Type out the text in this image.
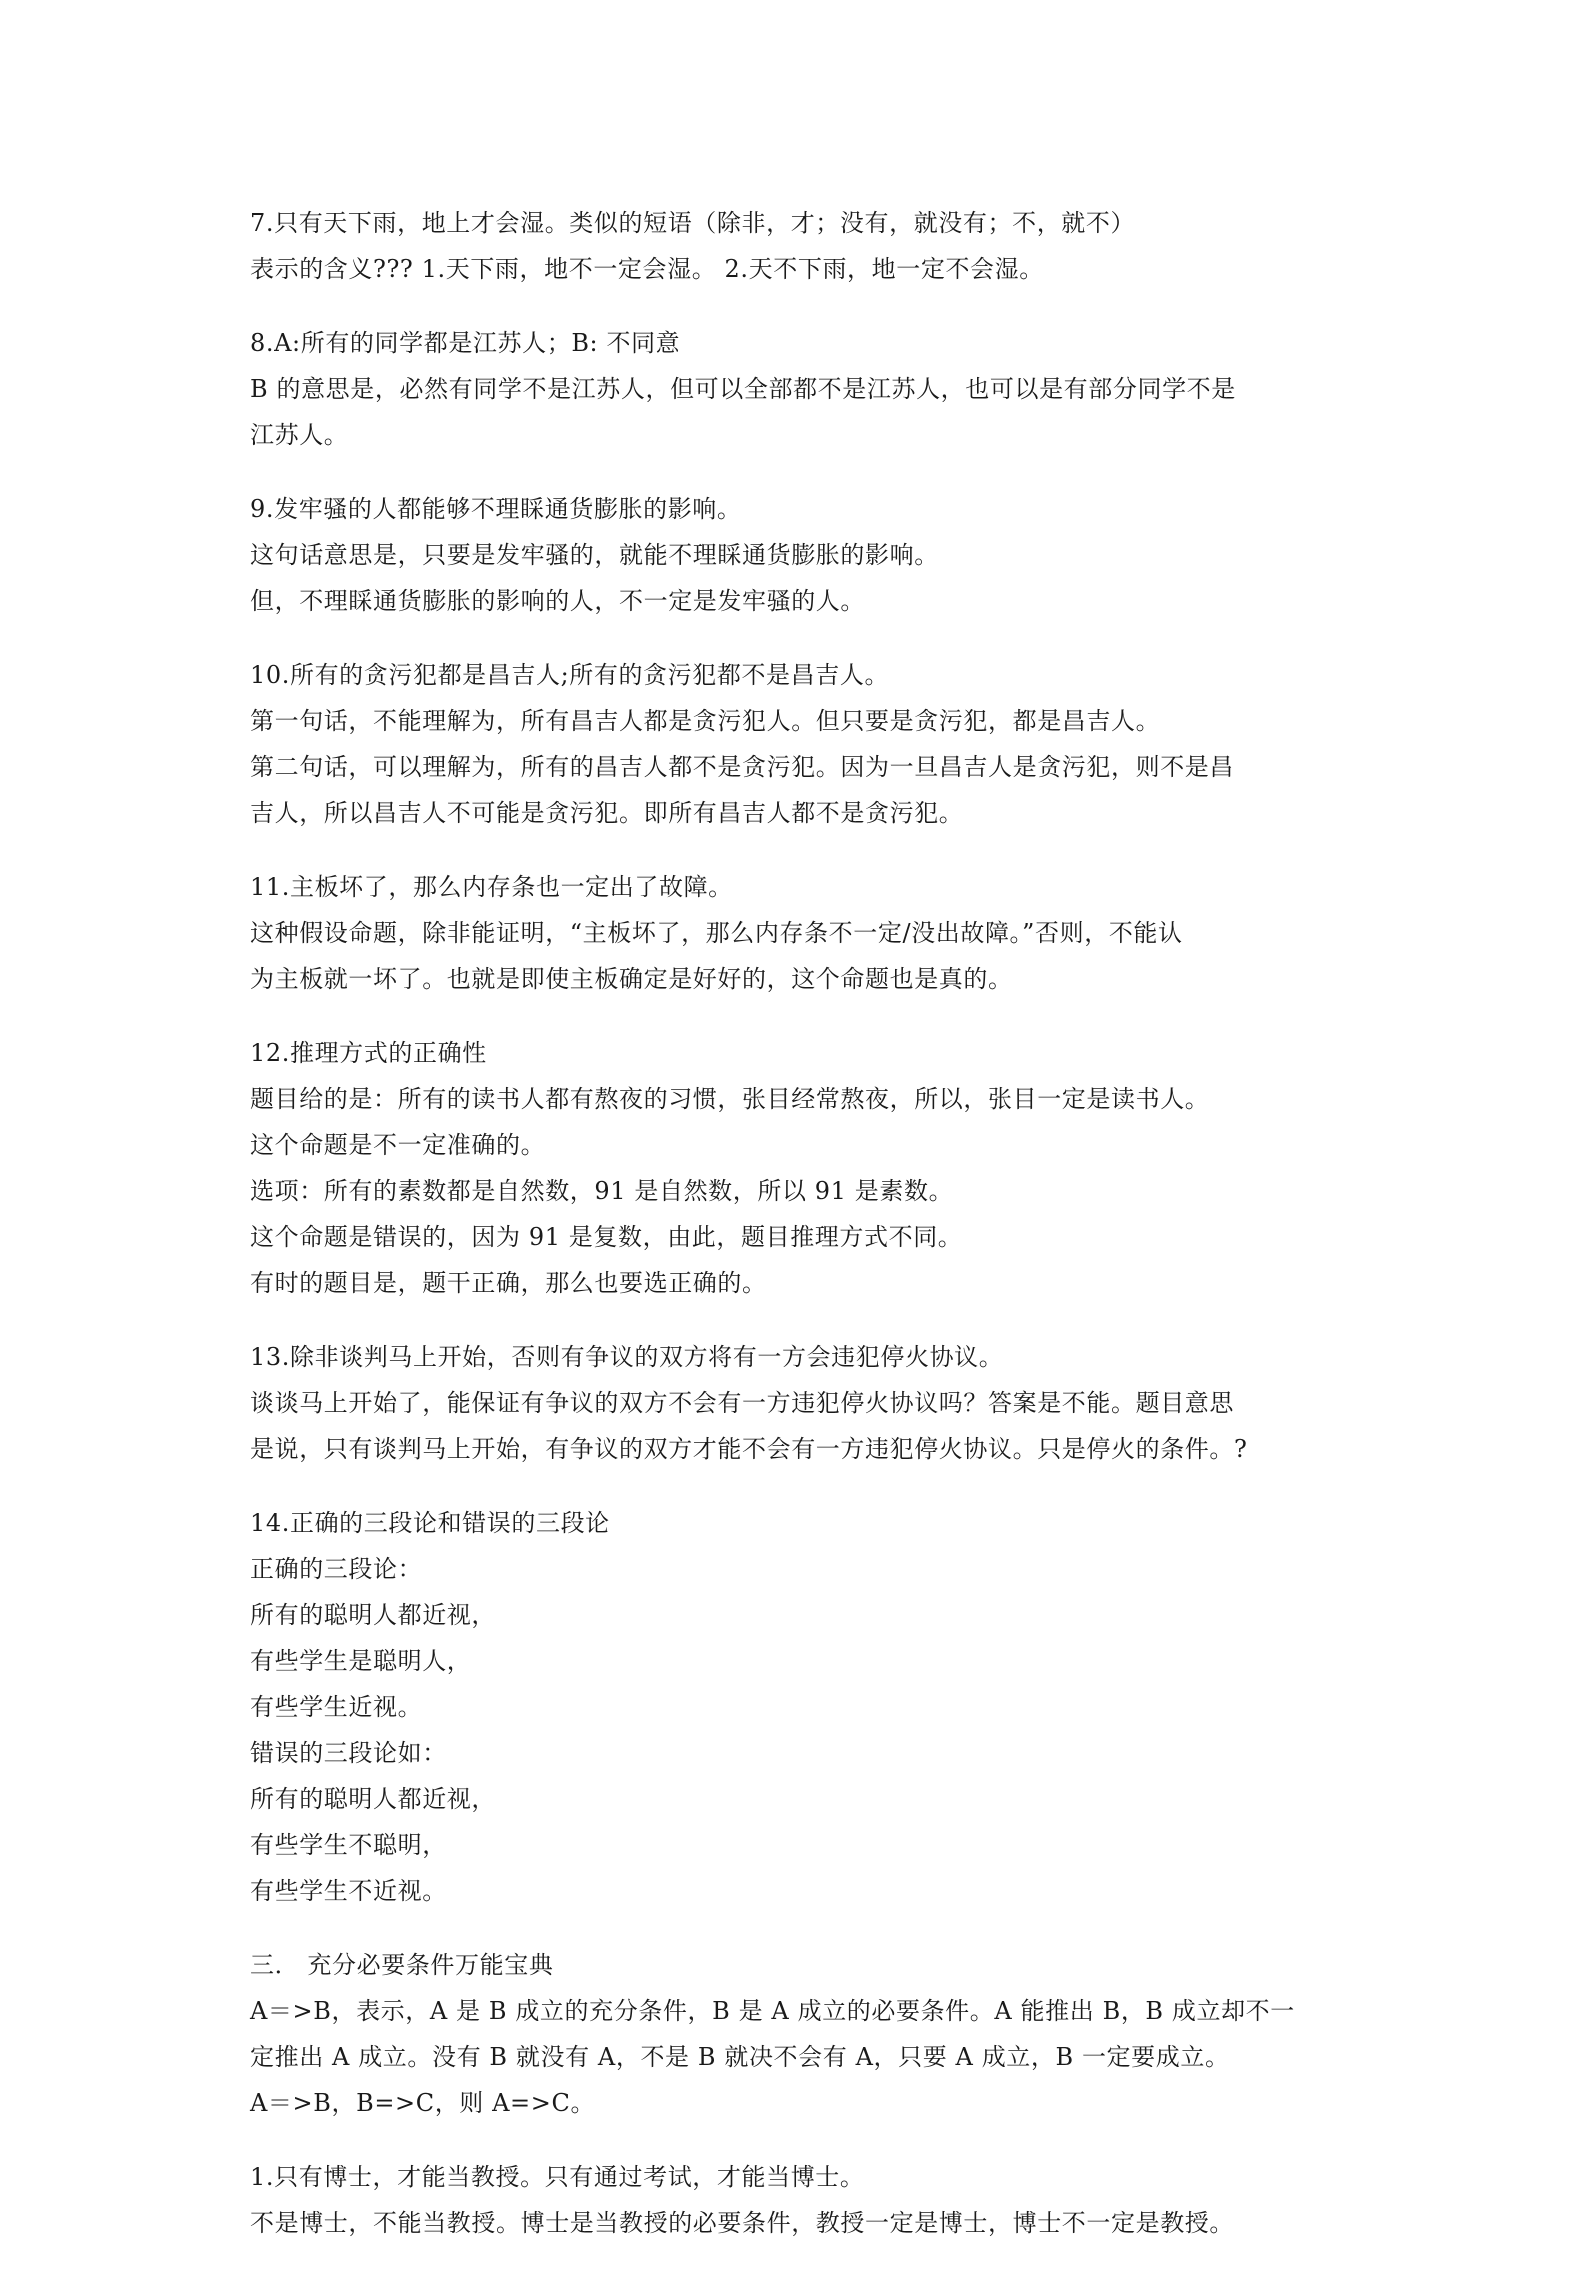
7.只有天下雨，地上才会湿。类似的短语（除非，才；没有，就没有；不，就不）
表示的含义??? 1.天下雨，地不一定会湿。 2.天不下雨，地一定不会湿。
8.A:所有的同学都是江苏人；B: 不同意
B 的意思是，必然有同学不是江苏人，但可以全部都不是江苏人，也可以是有部分同学不是
江苏人。
9.发牢骚的人都能够不理睬通货膨胀的影响。
这句话意思是，只要是发牢骚的，就能不理睬通货膨胀的影响。
但，不理睬通货膨胀的影响的人，不一定是发牢骚的人。
10.所有的贪污犯都是昌吉人;所有的贪污犯都不是昌吉人。
第一句话，不能理解为，所有昌吉人都是贪污犯人。但只要是贪污犯，都是昌吉人。
第二句话，可以理解为，所有的昌吉人都不是贪污犯。因为一旦昌吉人是贪污犯，则不是昌
吉人，所以昌吉人不可能是贪污犯。即所有昌吉人都不是贪污犯。
11.主板坏了，那么内存条也一定出了故障。
这种假设命题，除非能证明，“主板坏了，那么内存条不一定/没出故障。”否则，不能认
为主板就一坏了。也就是即使主板确定是好好的，这个命题也是真的。
12.推理方式的正确性
题目给的是：所有的读书人都有熬夜的习惯，张目经常熬夜，所以，张目一定是读书人。
这个命题是不一定准确的。
选项：所有的素数都是自然数，91 是自然数，所以 91 是素数。
这个命题是错误的，因为 91 是复数，由此，题目推理方式不同。
有时的题目是，题干正确，那么也要选正确的。
13.除非谈判马上开始，否则有争议的双方将有一方会违犯停火协议。
谈谈马上开始了，能保证有争议的双方不会有一方违犯停火协议吗？答案是不能。题目意思
是说，只有谈判马上开始，有争议的双方才能不会有一方违犯停火协议。只是停火的条件。?
14.正确的三段论和错误的三段论
正确的三段论：
所有的聪明人都近视，
有些学生是聪明人，
有些学生近视。
错误的三段论如：
所有的聪明人都近视，
有些学生不聪明，
有些学生不近视。
三． 充分必要条件万能宝典
A＝>B，表示，A 是 B 成立的充分条件，B 是 A 成立的必要条件。A 能推出 B，B 成立却不一
定推出 A 成立。没有 B 就没有 A，不是 B 就决不会有 A，只要 A 成立，B 一定要成立。
A＝>B，B=>C，则 A=>C。
1.只有博士，才能当教授。只有通过考试，才能当博士。
不是博士，不能当教授。博士是当教授的必要条件，教授一定是博士，博士不一定是教授。
